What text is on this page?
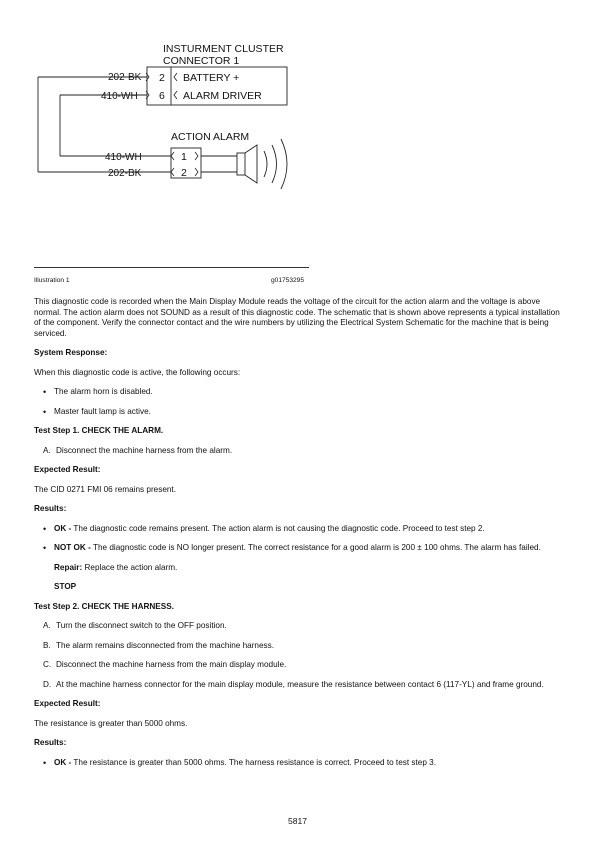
INSTURMENT CLUSTER
CONNECTOR 1
202-BK 2 BATTERY +
410-WH 6 ALARM DRIVER
ACTION ALARM
410-WH
202-BK
1
2
Illustration 1	g01753295

This diagnostic code is recorded when the Main Display Module reads the voltage of the circuit for the action alarm and the voltage is above normal. The action alarm does not SOUND as a result of this diagnostic code. The schematic that is shown above represents a typical installation of the component. Verify the connector contact and the wire numbers by utilizing the Electrical System Schematic for the machine that is being serviced.

System Response:

When this diagnostic code is active, the following occurs:

• The alarm horn is disabled.

• Master fault lamp is active.

Test Step 1. CHECK THE ALARM.

A. Disconnect the machine harness from the alarm.

Expected Result:

The CID 0271 FMI 06 remains present.

Results:

• OK - The diagnostic code remains present. The action alarm is not causing the diagnostic code. Proceed to test step 2.

• NOT OK - The diagnostic code is NO longer present. The correct resistance for a good alarm is 200 ± 100 ohms. The alarm has failed.

Repair: Replace the action alarm.

STOP

Test Step 2. CHECK THE HARNESS.

A. Turn the disconnect switch to the OFF position.

B. The alarm remains disconnected from the machine harness.

C. Disconnect the machine harness from the main display module.

D. At the machine harness connector for the main display module, measure the resistance between contact 6 (117-YL) and frame ground.

Expected Result:

The resistance is greater than 5000 ohms.

Results:

• OK - The resistance is greater than 5000 ohms. The harness resistance is correct. Proceed to test step 3.

5817
